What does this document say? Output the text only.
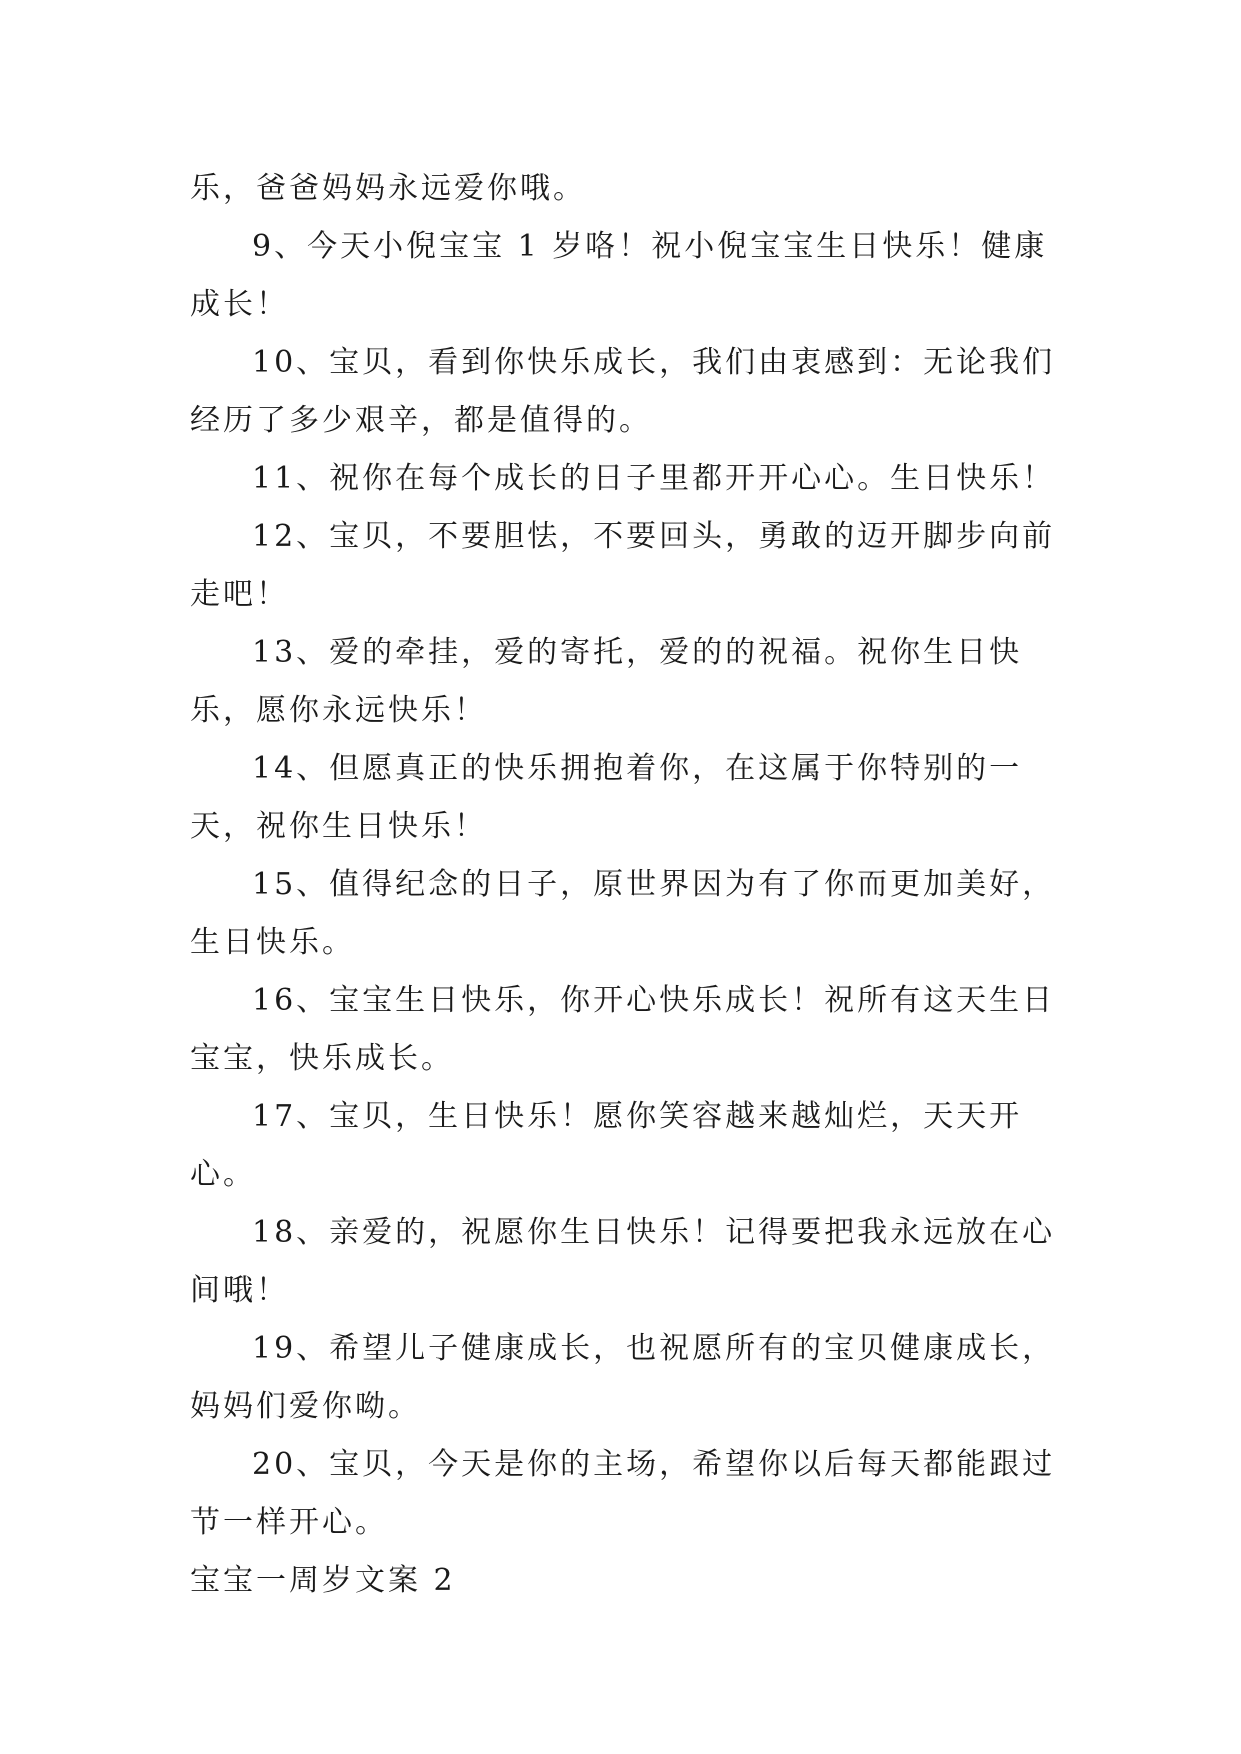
乐，爸爸妈妈永远爱你哦。

9、今天小倪宝宝 1 岁咯！祝小倪宝宝生日快乐！健康成长！

10、宝贝，看到你快乐成长，我们由衷感到：无论我们经历了多少艰辛，都是值得的。

11、祝你在每个成长的日子里都开开心心。生日快乐！

12、宝贝，不要胆怯，不要回头，勇敢的迈开脚步向前走吧！

13、爱的牵挂，爱的寄托，爱的的祝福。祝你生日快乐，愿你永远快乐！

14、但愿真正的快乐拥抱着你，在这属于你特别的一天，祝你生日快乐！

15、值得纪念的日子，原世界因为有了你而更加美好，生日快乐。

16、宝宝生日快乐，你开心快乐成长！祝所有这天生日宝宝，快乐成长。

17、宝贝，生日快乐！愿你笑容越来越灿烂，天天开心。

18、亲爱的，祝愿你生日快乐！记得要把我永远放在心间哦！

19、希望儿子健康成长，也祝愿所有的宝贝健康成长，妈妈们爱你呦。

20、宝贝，今天是你的主场，希望你以后每天都能跟过节一样开心。

宝宝一周岁文案 2
